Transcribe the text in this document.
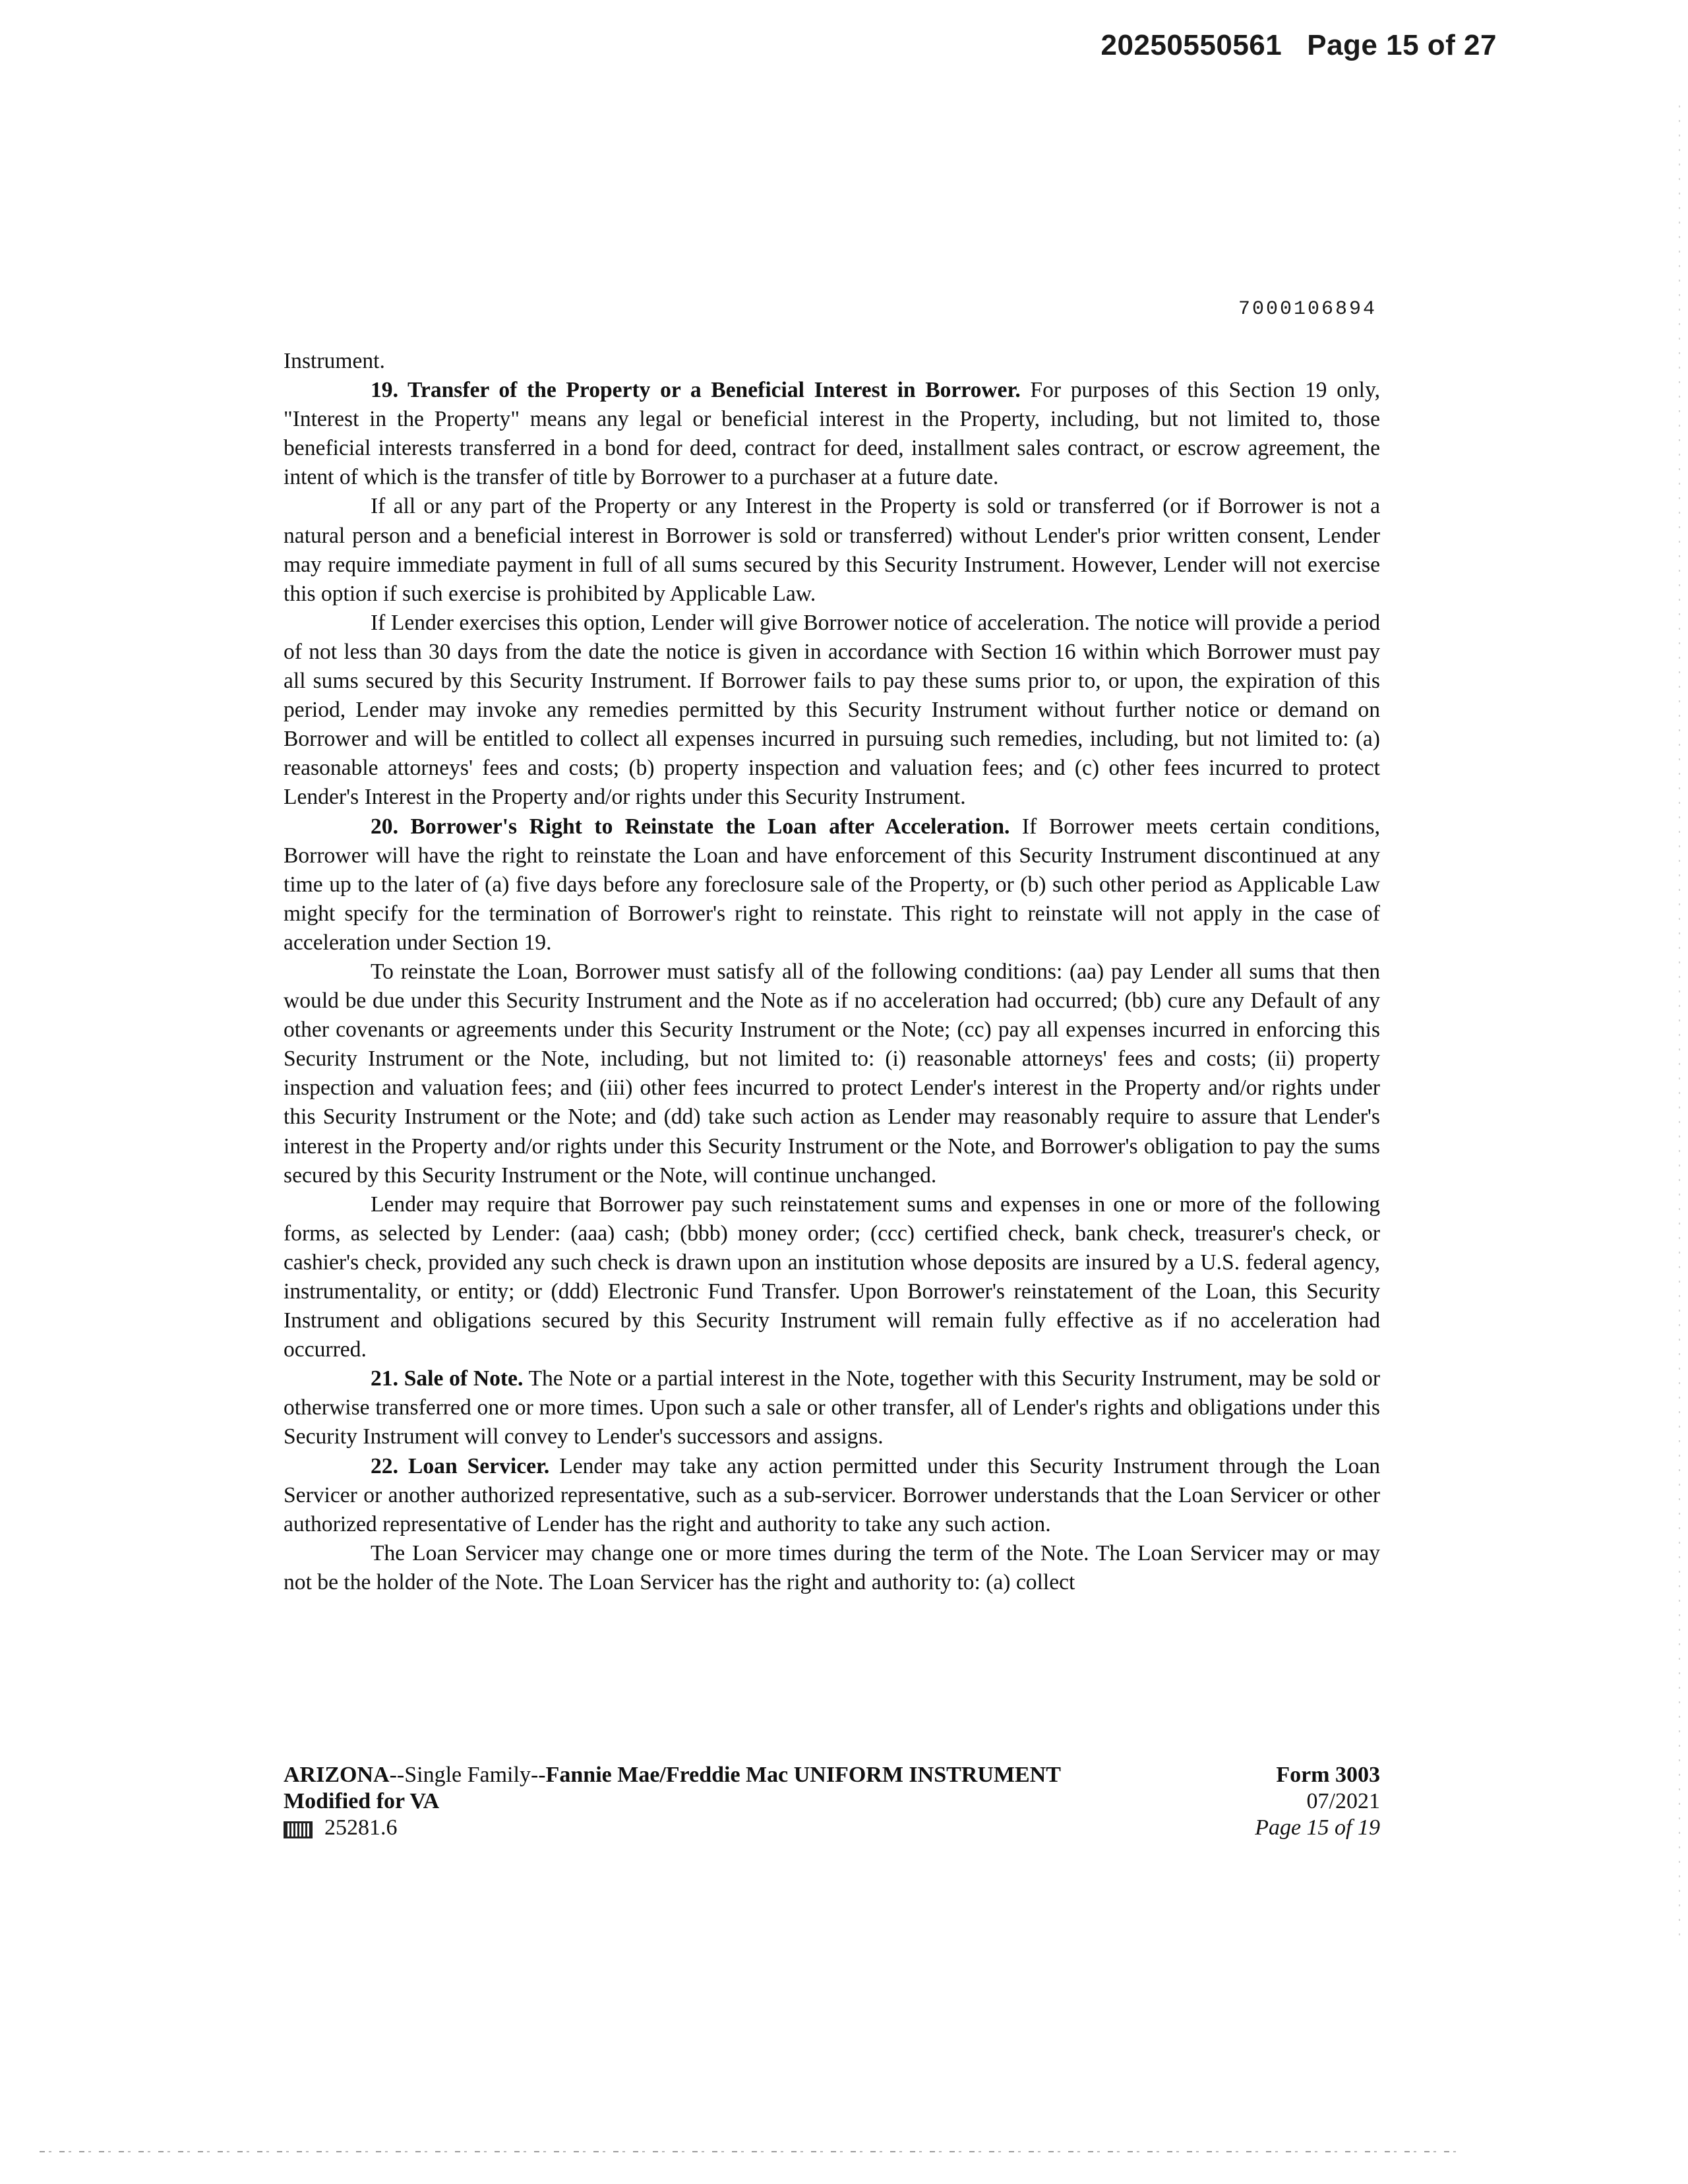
20250550561 Page 15 of 27
7000106894

Instrument.

19. Transfer of the Property or a Beneficial Interest in Borrower. For purposes of this Section 19 only, "Interest in the Property" means any legal or beneficial interest in the Property, including, but not limited to, those beneficial interests transferred in a bond for deed, contract for deed, installment sales contract, or escrow agreement, the intent of which is the transfer of title by Borrower to a purchaser at a future date.

If all or any part of the Property or any Interest in the Property is sold or transferred (or if Borrower is not a natural person and a beneficial interest in Borrower is sold or transferred) without Lender's prior written consent, Lender may require immediate payment in full of all sums secured by this Security Instrument. However, Lender will not exercise this option if such exercise is prohibited by Applicable Law.

If Lender exercises this option, Lender will give Borrower notice of acceleration. The notice will provide a period of not less than 30 days from the date the notice is given in accordance with Section 16 within which Borrower must pay all sums secured by this Security Instrument. If Borrower fails to pay these sums prior to, or upon, the expiration of this period, Lender may invoke any remedies permitted by this Security Instrument without further notice or demand on Borrower and will be entitled to collect all expenses incurred in pursuing such remedies, including, but not limited to: (a) reasonable attorneys' fees and costs; (b) property inspection and valuation fees; and (c) other fees incurred to protect Lender's Interest in the Property and/or rights under this Security Instrument.

20. Borrower's Right to Reinstate the Loan after Acceleration. If Borrower meets certain conditions, Borrower will have the right to reinstate the Loan and have enforcement of this Security Instrument discontinued at any time up to the later of (a) five days before any foreclosure sale of the Property, or (b) such other period as Applicable Law might specify for the termination of Borrower's right to reinstate. This right to reinstate will not apply in the case of acceleration under Section 19.

To reinstate the Loan, Borrower must satisfy all of the following conditions: (aa) pay Lender all sums that then would be due under this Security Instrument and the Note as if no acceleration had occurred; (bb) cure any Default of any other covenants or agreements under this Security Instrument or the Note; (cc) pay all expenses incurred in enforcing this Security Instrument or the Note, including, but not limited to: (i) reasonable attorneys' fees and costs; (ii) property inspection and valuation fees; and (iii) other fees incurred to protect Lender's interest in the Property and/or rights under this Security Instrument or the Note; and (dd) take such action as Lender may reasonably require to assure that Lender's interest in the Property and/or rights under this Security Instrument or the Note, and Borrower's obligation to pay the sums secured by this Security Instrument or the Note, will continue unchanged.

Lender may require that Borrower pay such reinstatement sums and expenses in one or more of the following forms, as selected by Lender: (aaa) cash; (bbb) money order; (ccc) certified check, bank check, treasurer's check, or cashier's check, provided any such check is drawn upon an institution whose deposits are insured by a U.S. federal agency, instrumentality, or entity; or (ddd) Electronic Fund Transfer. Upon Borrower's reinstatement of the Loan, this Security Instrument and obligations secured by this Security Instrument will remain fully effective as if no acceleration had occurred.

21. Sale of Note. The Note or a partial interest in the Note, together with this Security Instrument, may be sold or otherwise transferred one or more times. Upon such a sale or other transfer, all of Lender's rights and obligations under this Security Instrument will convey to Lender's successors and assigns.

22. Loan Servicer. Lender may take any action permitted under this Security Instrument through the Loan Servicer or another authorized representative, such as a sub-servicer. Borrower understands that the Loan Servicer or other authorized representative of Lender has the right and authority to take any such action.

The Loan Servicer may change one or more times during the term of the Note. The Loan Servicer may or may not be the holder of the Note. The Loan Servicer has the right and authority to: (a) collect

ARIZONA--Single Family--Fannie Mae/Freddie Mac UNIFORM INSTRUMENT
Modified for VA
25281.6
Form 3003
07/2021
Page 15 of 19
